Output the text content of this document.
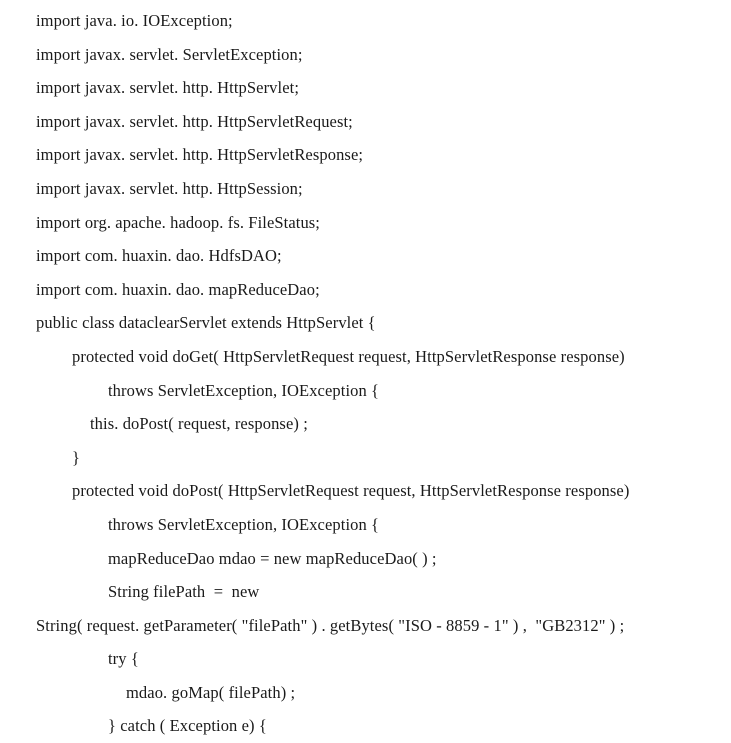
import java. io. IOException;
import javax. servlet. ServletException;
import javax. servlet. http. HttpServlet;
import javax. servlet. http. HttpServletRequest;
import javax. servlet. http. HttpServletResponse;
import javax. servlet. http. HttpSession;
import org. apache. hadoop. fs. FileStatus;
import com. huaxin. dao. HdfsDAO;
import com. huaxin. dao. mapReduceDao;
public class dataclearServlet extends HttpServlet {
protected void doGet( HttpServletRequest request, HttpServletResponse response)
throws ServletException, IOException {
this. doPost( request, response) ;
}
protected void doPost( HttpServletRequest request, HttpServletResponse response)
throws ServletException, IOException {
mapReduceDao mdao = new mapReduceDao( ) ;
String filePath  =  new
String( request. getParameter( "filePath" ) . getBytes( "ISO - 8859 - 1" ) ,  "GB2312" ) ;
try {
mdao. goMap( filePath) ;
} catch ( Exception e) {
